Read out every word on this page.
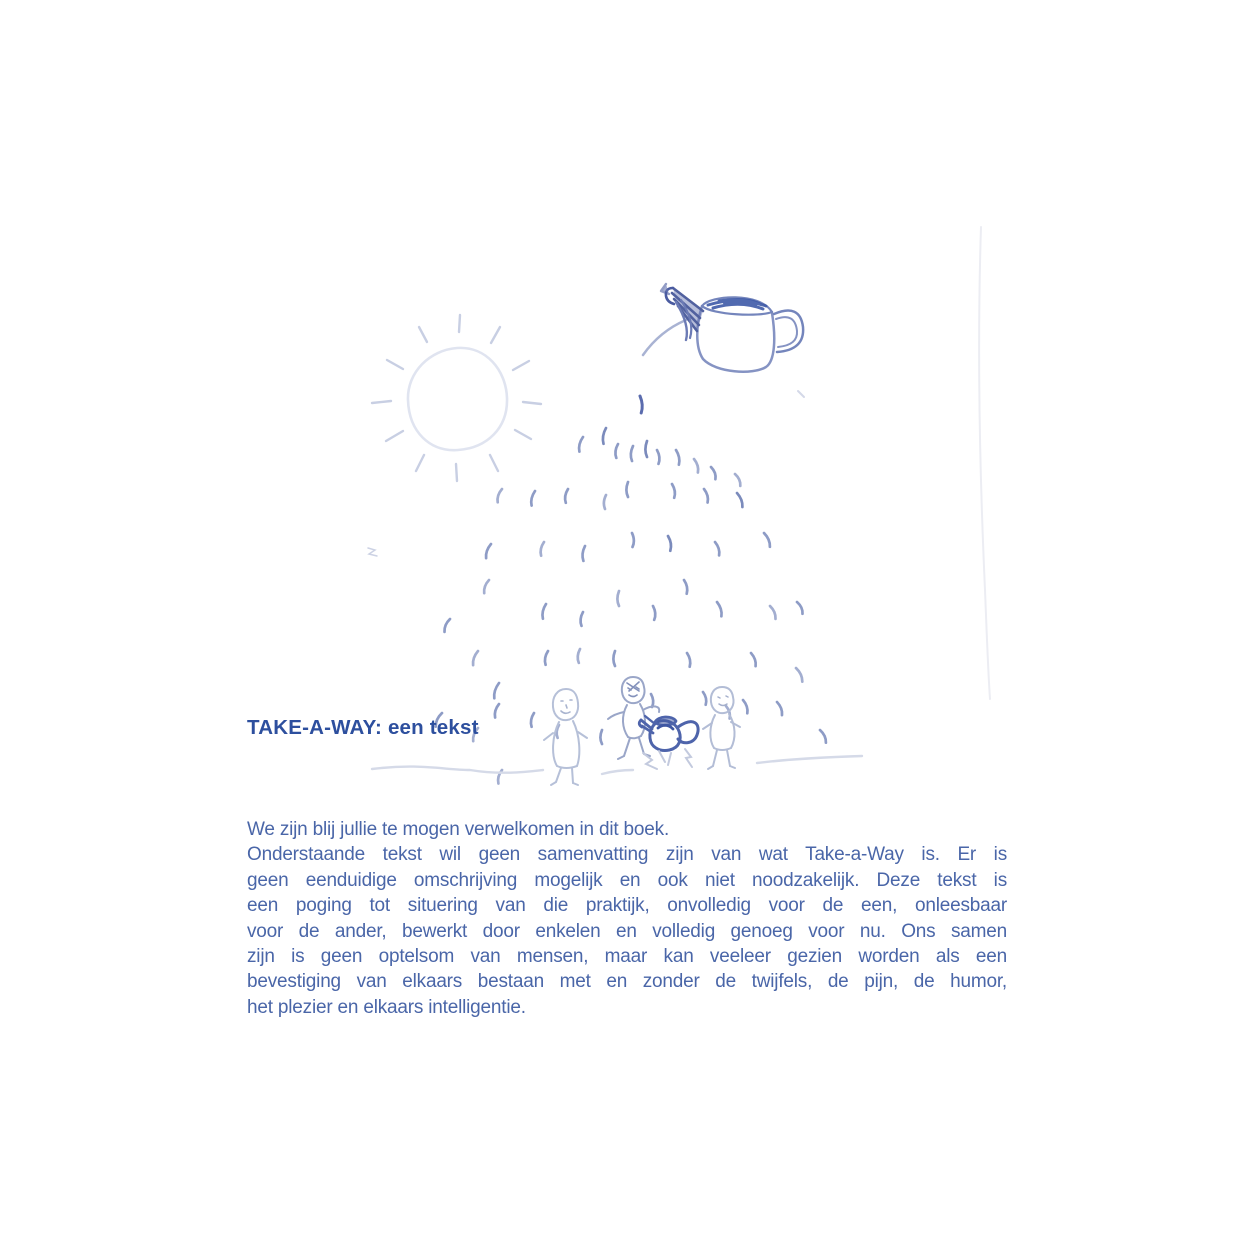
TAKE-A-WAY: een tekst
We zijn blij jullie te mogen verwelkomen in dit boek.
Onderstaande tekst wil geen samenvatting zijn van wat Take-a-Way is. Er is
geen eenduidige omschrijving mogelijk en ook niet noodzakelijk. Deze tekst is
een poging tot situering van die praktijk, onvolledig voor de een, onleesbaar
voor de ander, bewerkt door enkelen en volledig genoeg voor nu. Ons samen
zijn is geen optelsom van mensen, maar kan veeleer gezien worden als een
bevestiging van elkaars bestaan met en zonder de twijfels, de pijn, de humor,
het plezier en elkaars intelligentie.
